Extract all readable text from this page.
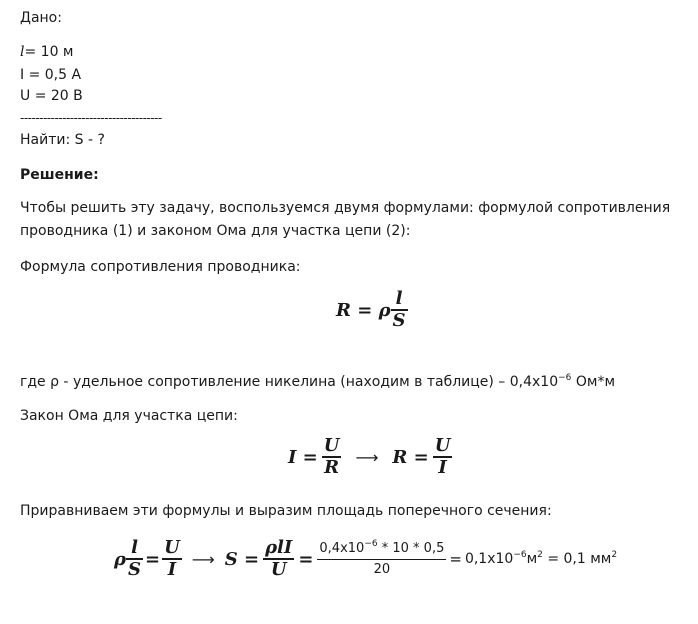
Дано:
l= 10 м
I = 0,5 А
U = 20 В
-------------------------------------
Найти: S - ?
Решение:
Чтобы решить эту задачу, воспользуемся двумя формулами: формулой сопротивления
проводника (1) и законом Ома для участка цепи (2):
Формула сопротивления проводника:
R = ρ $\frac{l}{S}$
где ρ - удельное сопротивление никелина (находим в таблице) – $0,4x10^{-6}$ Ом*м
Закон Ома для участка цепи:
$I = \frac{U}{R}$ ⟶ $R = \frac{U}{I}$
Приравниваем эти формулы и выразим площадь поперечного сечения:
ρ $\frac{l}{S} = \frac{U}{I}$ ⟶ $S = \frac{\text{ρlI}}{U} = \frac{0,4x10^{-6} * 10 * 0,5}{20} = 0,1x10^{-6}м^2 = 0,1$ $мм^2$
